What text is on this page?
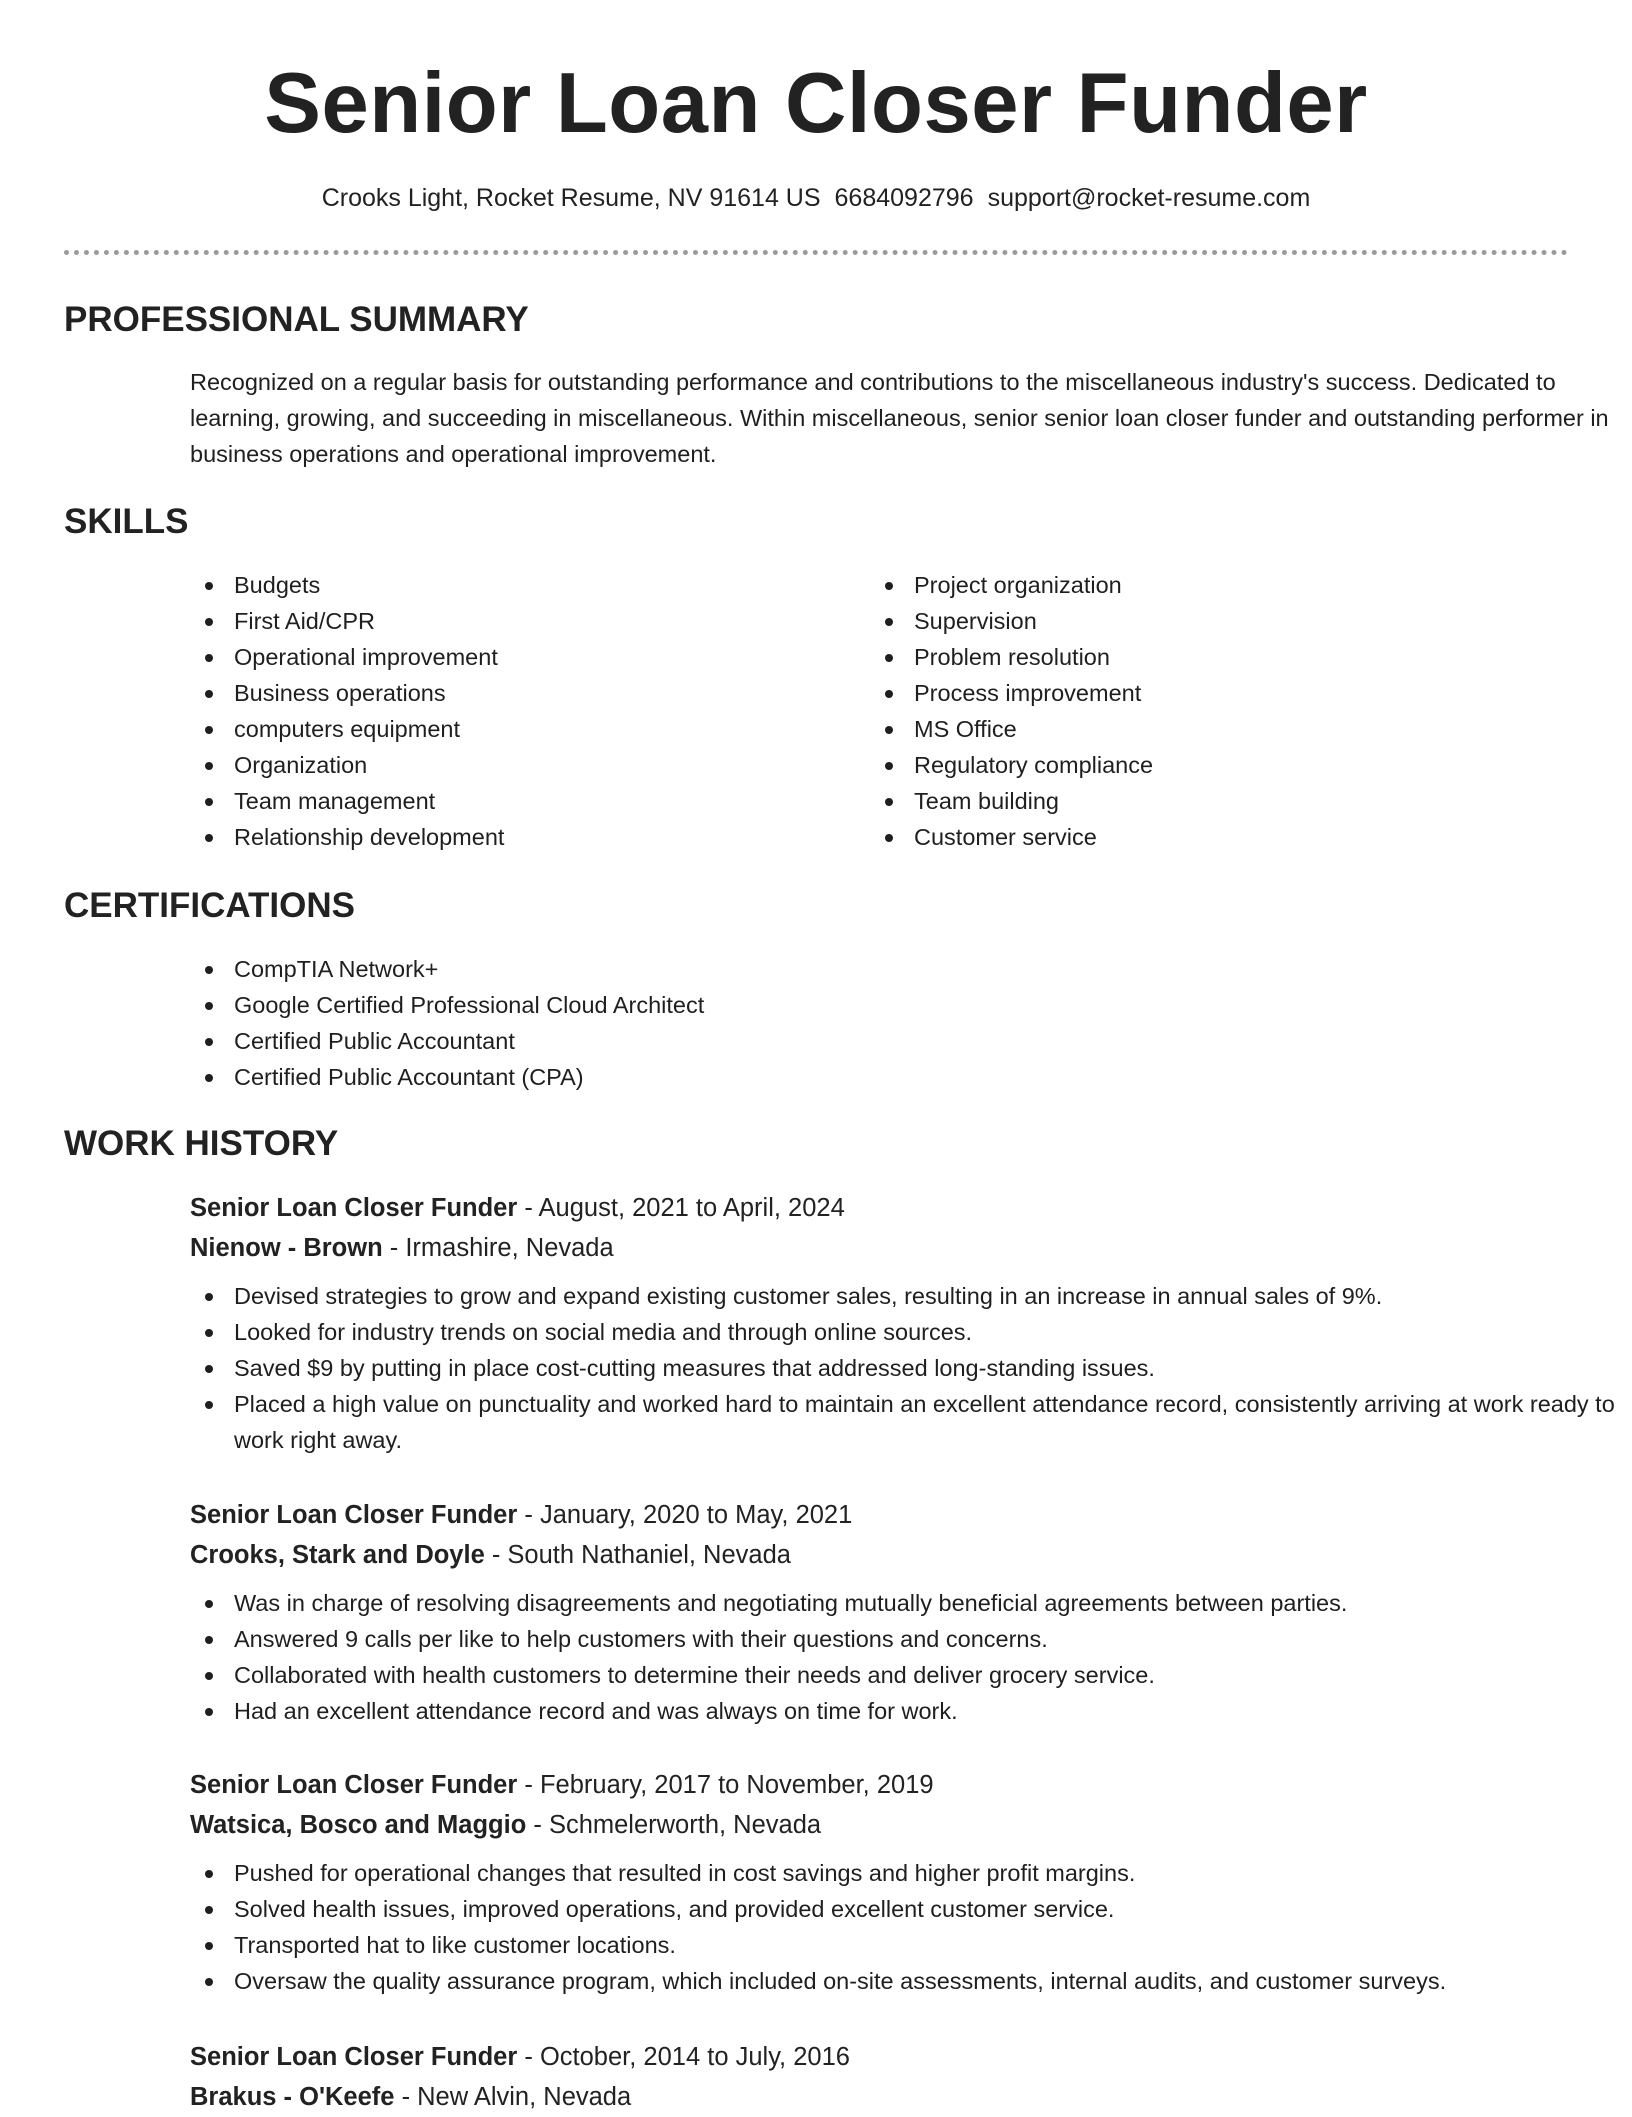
Senior Loan Closer Funder
Crooks Light, Rocket Resume, NV 91614 US 6684092796 support@rocket-resume.com
PROFESSIONAL SUMMARY
Recognized on a regular basis for outstanding performance and contributions to the miscellaneous industry's success. Dedicated to learning, growing, and succeeding in miscellaneous. Within miscellaneous, senior senior loan closer funder and outstanding performer in business operations and operational improvement.
SKILLS
Budgets
First Aid/CPR
Operational improvement
Business operations
computers equipment
Organization
Team management
Relationship development
Project organization
Supervision
Problem resolution
Process improvement
MS Office
Regulatory compliance
Team building
Customer service
CERTIFICATIONS
CompTIA Network+
Google Certified Professional Cloud Architect
Certified Public Accountant
Certified Public Accountant (CPA)
WORK HISTORY
Senior Loan Closer Funder - August, 2021 to April, 2024
Nienow - Brown - Irmashire, Nevada
Devised strategies to grow and expand existing customer sales, resulting in an increase in annual sales of 9%.
Looked for industry trends on social media and through online sources.
Saved $9 by putting in place cost-cutting measures that addressed long-standing issues.
Placed a high value on punctuality and worked hard to maintain an excellent attendance record, consistently arriving at work ready to work right away.
Senior Loan Closer Funder - January, 2020 to May, 2021
Crooks, Stark and Doyle - South Nathaniel, Nevada
Was in charge of resolving disagreements and negotiating mutually beneficial agreements between parties.
Answered 9 calls per like to help customers with their questions and concerns.
Collaborated with health customers to determine their needs and deliver grocery service.
Had an excellent attendance record and was always on time for work.
Senior Loan Closer Funder - February, 2017 to November, 2019
Watsica, Bosco and Maggio - Schmelerworth, Nevada
Pushed for operational changes that resulted in cost savings and higher profit margins.
Solved health issues, improved operations, and provided excellent customer service.
Transported hat to like customer locations.
Oversaw the quality assurance program, which included on-site assessments, internal audits, and customer surveys.
Senior Loan Closer Funder - October, 2014 to July, 2016
Brakus - O'Keefe - New Alvin, Nevada
